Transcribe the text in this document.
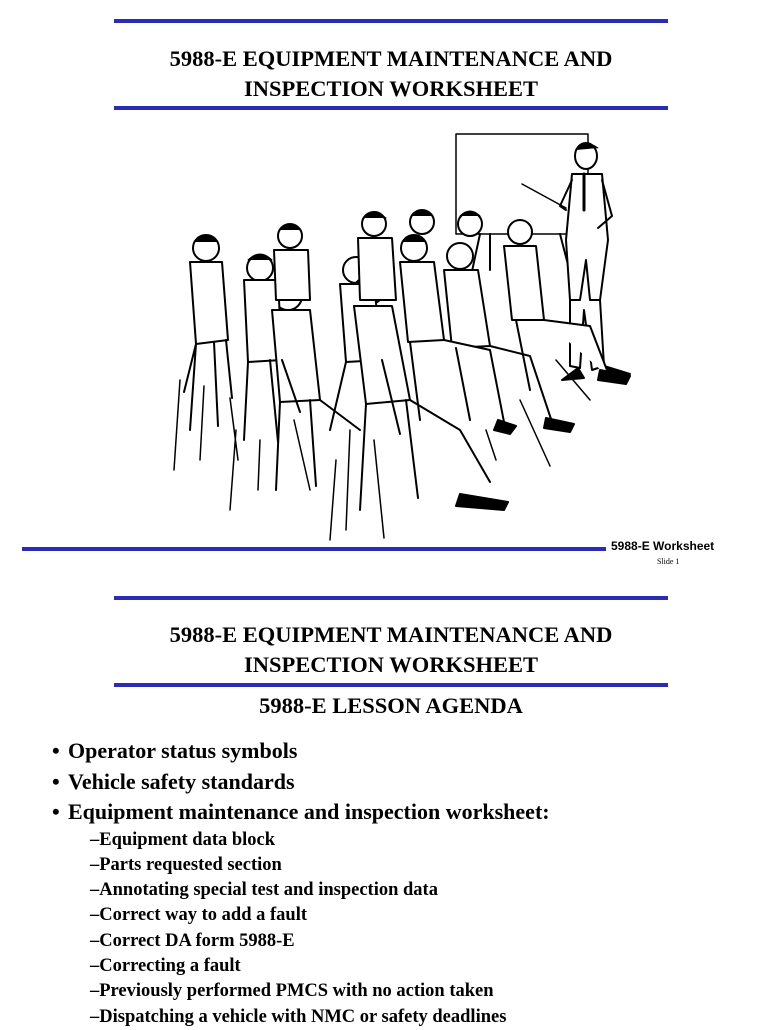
5988-E EQUIPMENT MAINTENANCE AND
INSPECTION WORKSHEET
5988-E Worksheet
Slide 1
5988-E EQUIPMENT MAINTENANCE AND
INSPECTION WORKSHEET
5988-E LESSON AGENDA
• Operator status symbols
• Vehicle safety standards
• Equipment maintenance and inspection worksheet:
–Equipment data block
–Parts requested section
–Annotating special test and inspection data
–Correct way to add a fault
–Correct DA form 5988-E
–Correcting a fault
–Previously performed PMCS with no action taken
–Dispatching a vehicle with NMC or safety deadlines
